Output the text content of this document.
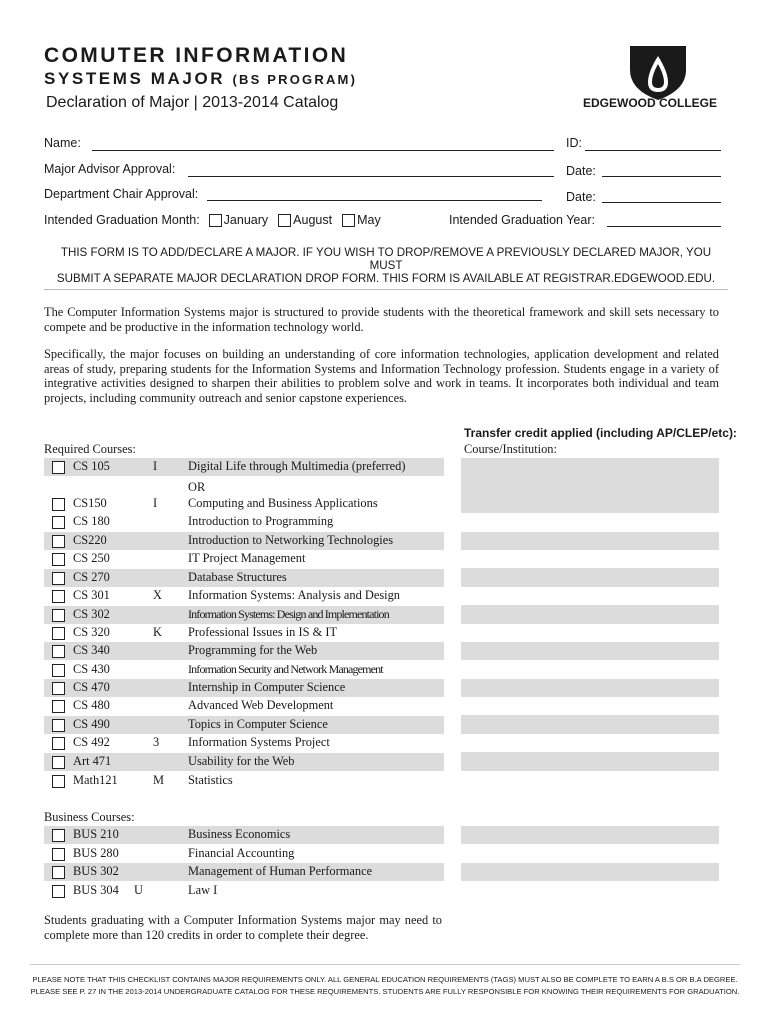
COMUTER INFORMATION
SYSTEMS MAJOR (BS PROGRAM)
Declaration of Major | 2013-2014 Catalog	EDGEWOOD COLLEGE
Name:	ID:
Major Advisor Approval:	Date:
Department Chair Approval:	Date:
Intended Graduation Month: January August May	Intended Graduation Year:
THIS FORM IS TO ADD/DECLARE A MAJOR. IF YOU WISH TO DROP/REMOVE A PREVIOUSLY DECLARED MAJOR, YOU MUST
SUBMIT A SEPARATE MAJOR DECLARATION DROP FORM. THIS FORM IS AVAILABLE AT REGISTRAR.EDGEWOOD.EDU.
The Computer Information Systems major is structured to provide students with the theoretical framework and skill sets necessary to compete and be productive in the information technology world.
Specifically, the major focuses on building an understanding of core information technologies, application development and related areas of study, preparing students for the Information Systems and Information Technology profession. Students engage in a variety of integrative activities designed to sharpen their abilities to problem solve and work in teams. It incorporates both individual and team projects, including community outreach and senior capstone experiences.
Transfer credit applied (including AP/CLEP/etc):
Course/Institution:
Required Courses:
CS 105	I Digital Life through Multimedia (preferred)
OR
CS150	I Computing and Business Applications
CS 180	Introduction to Programming
CS220	Introduction to Networking Technologies
CS 250	IT Project Management
CS 270	Database Structures
CS 301	X Information Systems: Analysis and Design
CS 302	Information Systems: Design and Implementation
CS 320	K Professional Issues in IS & IT
CS 340	Programming for the Web
CS 430	Information Security and Network Management
CS 470	Internship in Computer Science
CS 480	Advanced Web Development
CS 490	Topics in Computer Science
CS 492	3 Information Systems Project
Art 471	Usability for the Web
Math121	M Statistics
Business Courses:
BUS 210	Business Economics
BUS 280	Financial Accounting
BUS 302	Management of Human Performance
BUS 304 U	Law I
Students graduating with a Computer Information Systems major may need to complete more than 120 credits in order to complete their degree.
PLEASE NOTE THAT THIS CHECKLIST CONTAINS MAJOR REQUIREMENTS ONLY. ALL GENERAL EDUCATION REQUIREMENTS (TAGS) MUST ALSO BE COMPLETE TO EARN A B.S OR B.A DEGREE.
PLEASE SEE P. 27 IN THE 2013-2014 UNDERGRADUATE CATALOG FOR THESE REQUIREMENTS. STUDENTS ARE FULLY RESPONSIBLE FOR KNOWING THEIR REQUIREMENTS FOR GRADUATION.
